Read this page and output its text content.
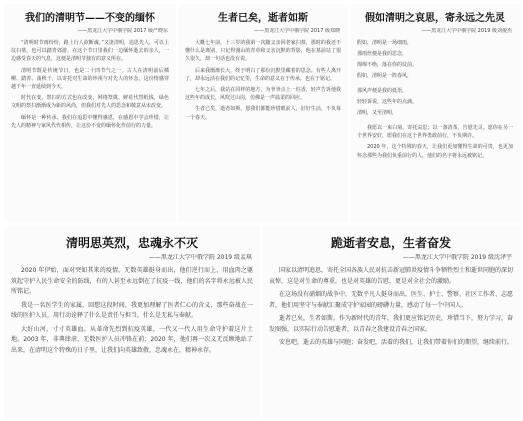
我们的清明节——不变的缅怀
——黑龙江大学中俄学院 2017 级严晓东

“清明时节雨纷纷，路上行人欲断魂。”又逢清明，追思先人，可以上坟扫墓，也可以踏青郊游，在这个节日里我们一边缅怀逝去的亲人，一边感受春天的气息，这便是清明节独有的意义所在。

清明节既是传统节日，也是二十四节气之一。古人在清明前后插柳、踏青、荡秋千，以寄托对生命的珍视与对先人的怀念，这份情感穿越千年一直延续到今天。

时代在变，祭扫的方式也在改变，网络祭奠、鲜花代替纸钱，绿色文明的祭扫渐渐成为新的风尚，但我们对先人的思念和敬意从未改变。

缅怀是一种传承。我们在追思中懂得感恩，在感恩中学会珍惜，让先人的精神与家风代代相传，让这份不变的缅怀化作前行的力量。

生者已矣，逝者如斯
——黑龙江大学中俄学院 2017 级郑晓

大概七年前，十三岁的我第一次随父亲回老家扫墓，那时的我还不懂什么是离别，只记得漫山的青草和父亲沉默的背影，他在墓前站了很久很久，却一句话也没有说。

后来我渐渐长大，终于明白了那份沉默里藏着的思念。有些人离开了，却永远活在我们的记忆里，生命的意义在于传承，也在于铭记。

七年之后，我站在同样的地方，为爷爷点上一炷香，轻声告诉他我这些年的成长，风吹过山岗，仿佛是一声温柔的回应。

生者已矣，逝者如斯，愿我们都能珍惜眼前人，好好生活，不负每一个春天。

假如清明之哀思，寄永远之先灵
——黑龙江大学中俄学院 2019 级刘俊杰
假如，清明是一场细雨，
那雨丝便是我的思念，
绵绵不绝，落在你的坟前。
假如，清明是一阵春风，
那风声便是我的低语，
轻轻诉说，这些年的点滴。
清明，又至清明，

我愿以一束白菊，寄托哀思；以一盏清茶，告慰先灵。愿你在另一个世界安好，愿我们在这个世界勇敢前行，不负期许。

2020 年，这个特殊的春天，让我们更加懂得生命的可贵，也更加怀念那些为我们负重前行的人，他们的名字将永远被铭记。

清明思英烈，忠魂永不灭
——黑龙江大学中俄学院 2019 级孟琪

2020 年伊始，面对突如其来的疫情，无数英雄挺身而出，他们逆行而上，用血肉之躯筑起守护人民生命安全的防线，有的人甚至永远倒在了抗疫一线，他们的名字将永远被人民所铭记。

我是一名医学生的家属，回想这段时间，我更加理解了医者仁心的含义，那些奋战在一线的医护人员，用行动诠释了什么是责任与担当，什么是无私与奉献。

大好山河，寸寸英雄血。从革命先烈到抗疫英雄，一代又一代人用生命守护着这片土地。2003 年，非典肆虐，无数医护人员冲锋在前；2020 年，他们再一次义无反顾地站了出来，在清明这个特殊的日子里，让我们向英雄致敬，忠魂永在，精神永存。

跪逝者安息，生者奋发
——黑龙江大学中俄学院 2019 级沈泽宇

国家以清明追思，寄托全国各族人民对抗击新冠肺炎疫情斗争牺牲烈士和逝世同胞的深切哀悼，这是对生命的尊重，也是对英雄的告慰，更是对全社会的激励。

在这场没有硝烟的战争中，无数平凡人挺身而出，医生、护士、警察、社区工作者、志愿者，他们用坚守与奉献汇聚成守护家园的磅礴力量，感动了每一个中国人。

逝者已矣，生者如斯。作为新时代的青年，我们更应铭记历史，珍惜当下，努力学习，奋发图强，以实际行动告慰逝者，以青春之我建设青春之国家。

安息吧，逝去的英雄与同胞；奋发吧，活着的我们，让我们带着你们的期望，继续前行。
